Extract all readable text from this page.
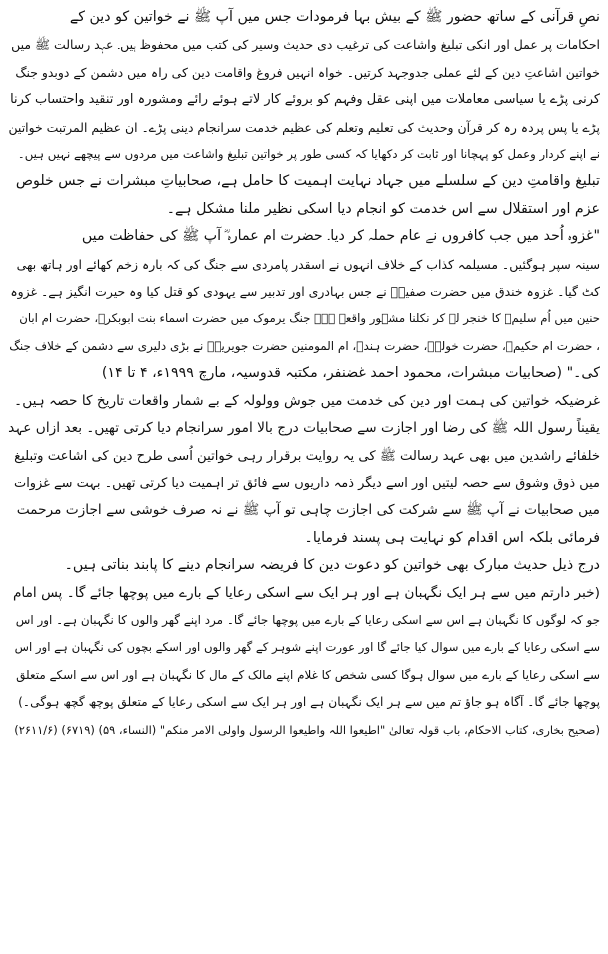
نصِ قرآنی کے ساتھ حضور ﷺ کے بیش بہا فرمودات جس میں آپ ﷺ نے خواتین کو دین کے
احکامات پر عمل اور انکی تبلیغ واشاعت کی ترغیب دی حدیث وسیر کی کتب میں محفوظ ہیں۔ عہد رسالت ﷺ میں
خواتین اشاعتِ دین کے لئے عملی جدوجہد کرتیں۔ خواہ انہیں فروغ واقامت دین کی راہ میں دشمن کے دوبدو جنگ
کرنی پڑے یا سیاسی معاملات میں اپنی عقل وفہم کو بروئے کار لاتے ہوئے رائے ومشورہ اور تنقید واحتساب کرنا
پڑے یا پس پردہ رہ کر قرآن وحدیث کی تعلیم وتعلم کی عظیم خدمت سرانجام دینی پڑے۔ ان عظیم المرتبت خواتین
نے اپنے کردار وعمل کو پہچانا اور ثابت کر دکھایا کہ کسی طور پر خواتین تبلیغ واشاعت میں مردوں سے پیچھے نہیں ہیں۔

تبلیغ واقامتِ دین کے سلسلے میں جہاد نہایت اہمیت کا حامل ہے، صحابیاتِ مبشرات نے جس خلوص
عزم اور استقلال سے اس خدمت کو انجام دیا اسکی نظیر ملنا مشکل ہے۔

"غزوہ اُحد میں جب کافروں نے عام حملہ کر دیا۔ حضرت ام عمارہ ؓ آپ ﷺ کی حفاظت میں
سینہ سپر ہوگئیں۔ مسیلمہ کذاب کے خلاف انہوں نے اسقدر پامردی سے جنگ کی کہ بارہ زخم کھائے اور ہاتھ بھی
کٹ گیا۔ غزوہ خندق میں حضرت صفیہؓ نے جس بہادری اور تدبیر سے یہودی کو قتل کیا وہ حیرت انگیز ہے۔ غزوہ
حنین میں اُم سلیمؓ کا خنجر لے کر نکلنا مشہور واقعہ ہے۔ جنگ یرموک میں حضرت اسماء بنت ابوبکرؓ، حضرت ام ابان
، حضرت ام حکیمؓ، حضرت خولہؓ، حضرت ہندؓ، ام المومنین حضرت جویریہؓ نے بڑی دلیری سے دشمن کے خلاف جنگ
کی۔" (صحابیات مبشرات، محمود احمد غضنفر، مکتبہ قدوسیہ، مارچ ۱۹۹۹ء، ۴ تا ۱۴)

غرضیکہ خواتین کی ہمت اور دین کی خدمت میں جوش وولولہ کے بے شمار واقعات تاریخ کا حصہ ہیں۔
یقیناً رسول اللہ ﷺ کی رضا اور اجازت سے صحابیات درج بالا امور سرانجام دیا کرتی تھیں۔ بعد ازاں عہد
خلفائے راشدین میں بھی عہد رسالت ﷺ کی یہ روایت برقرار رہی خواتین اُسی طرح دین کی اشاعت وتبلیغ
میں ذوق وشوق سے حصہ لیتیں اور اسے دیگر ذمہ داریوں سے فائق تر اہمیت دیا کرتی تھیں۔ بہت سے غزوات
میں صحابیات نے آپ ﷺ سے شرکت کی اجازت چاہی تو آپ ﷺ نے نہ صرف خوشی سے اجازت مرحمت
فرمائی بلکہ اس اقدام کو نہایت ہی پسند فرمایا۔

درج ذیل حدیث مبارک بھی خواتین کو دعوت دین کا فریضہ سرانجام دینے کا پابند بناتی ہیں۔

(خبر دارتم میں سے ہر ایک نگہبان ہے اور ہر ایک سے اسکی رعایا کے بارے میں پوچھا جائے گا۔ پس امام
جو کہ لوگوں کا نگہبان ہے اس سے اسکی رعایا کے بارے میں پوچھا جائے گا۔ مرد اپنے گھر والوں کا نگہبان ہے۔ اور اس
سے اسکی رعایا کے بارے میں سوال کیا جائے گا اور عورت اپنے شوہر کے گھر والوں اور اسکے بچوں کی نگہبان ہے اور اس
سے اسکی رعایا کے بارے میں سوال ہوگا کسی شخص کا غلام اپنے مالک کے مال کا نگہبان ہے اور اس سے اسکے متعلق
پوچھا جائے گا۔ آگاہ ہو جاؤ تم میں سے ہر ایک نگہبان ہے اور ہر ایک سے اسکی رعایا کے متعلق پوچھ گچھ ہوگی۔)
(صحیح بخاری، کتاب الاحکام، باب قولہ تعالیٰ "اطیعوا اللہ واطیعوا الرسول واولی الامر منکم" (النساء، ۵۹) (۶۷۱۹) (۲۶۱۱/۶)
